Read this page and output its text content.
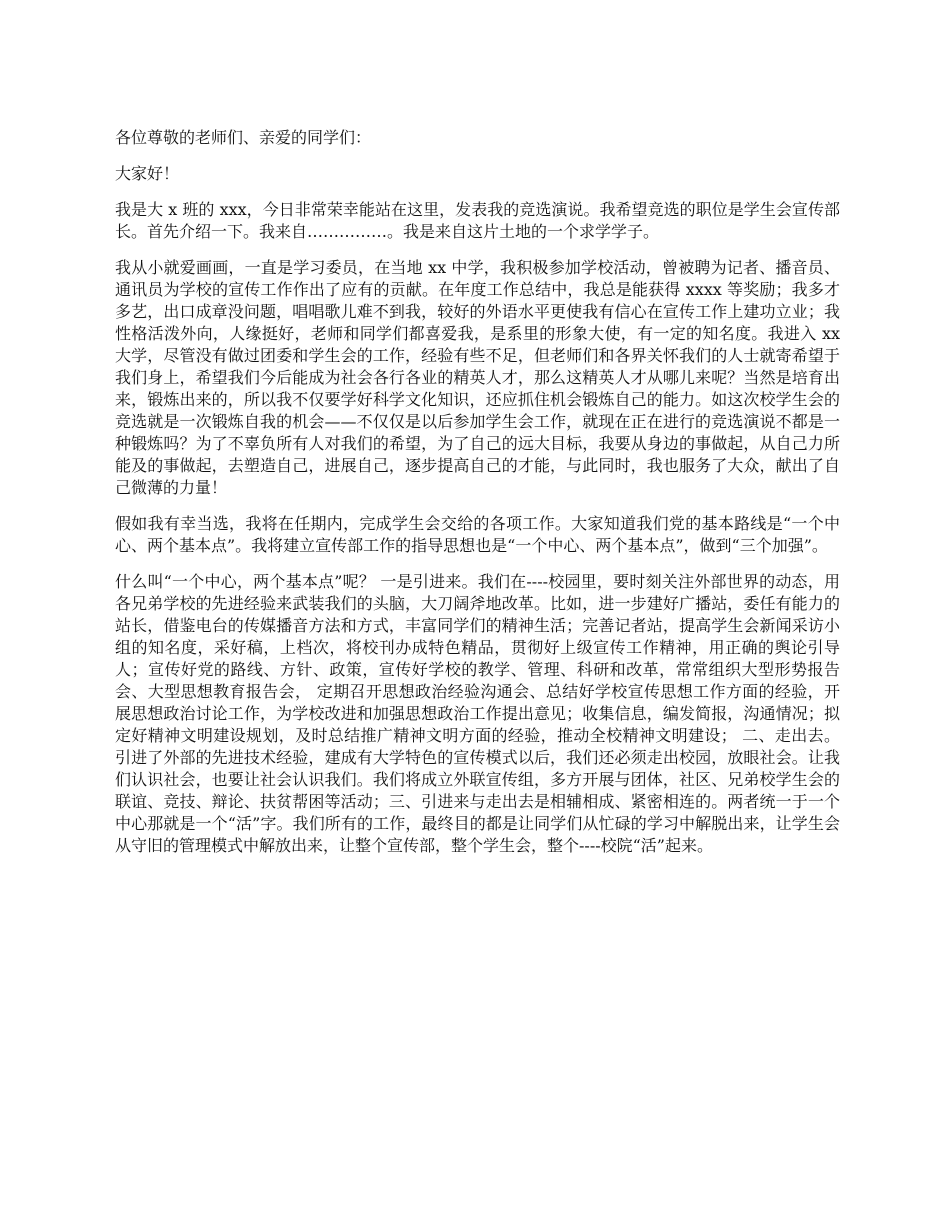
各位尊敬的老师们、亲爱的同学们：

大家好！

我是大 x 班的 xxx，今日非常荣幸能站在这里，发表我的竞选演说。我希望竞选的职位是学生会宣传部长。首先介绍一下。我来自……………。我是来自这片土地的一个求学学子。

我从小就爱画画，一直是学习委员，在当地 xx 中学，我积极参加学校活动，曾被聘为记者、播音员、通讯员为学校的宣传工作作出了应有的贡献。在年度工作总结中，我总是能获得 xxxx 等奖励；我多才多艺，出口成章没问题，唱唱歌儿难不到我，较好的外语水平更使我有信心在宣传工作上建功立业；我性格活泼外向，人缘挺好，老师和同学们都喜爱我，是系里的形象大使，有一定的知名度。我进入 xx 大学，尽管没有做过团委和学生会的工作，经验有些不足，但老师们和各界关怀我们的人士就寄希望于我们身上，希望我们今后能成为社会各行各业的精英人才，那么这精英人才从哪儿来呢？当然是培育出来，锻炼出来的，所以我不仅要学好科学文化知识，还应抓住机会锻炼自己的能力。如这次校学生会的竞选就是一次锻炼自我的机会——不仅仅是以后参加学生会工作，就现在正在进行的竞选演说不都是一种锻炼吗？为了不辜负所有人对我们的希望，为了自己的远大目标，我要从身边的事做起，从自己力所能及的事做起，去塑造自己，进展自己，逐步提高自己的才能，与此同时，我也服务了大众，献出了自己微薄的力量！

假如我有幸当选，我将在任期内，完成学生会交给的各项工作。大家知道我们党的基本路线是“一个中心、两个基本点”。我将建立宣传部工作的指导思想也是“一个中心、两个基本点”，做到“三个加强”。

什么叫“一个中心，两个基本点”呢？ 一是引进来。我们在----校园里，要时刻关注外部世界的动态，用各兄弟学校的先进经验来武装我们的头脑，大刀阔斧地改革。比如，进一步建好广播站，委任有能力的站长，借鉴电台的传媒播音方法和方式，丰富同学们的精神生活；完善记者站，提高学生会新闻采访小组的知名度，采好稿，上档次，将校刊办成特色精品，贯彻好上级宣传工作精神，用正确的舆论引导人；宣传好党的路线、方针、政策，宣传好学校的教学、管理、科研和改革，常常组织大型形势报告会、大型思想教育报告会， 定期召开思想政治经验沟通会、总结好学校宣传思想工作方面的经验，开展思想政治讨论工作，为学校改进和加强思想政治工作提出意见；收集信息，编发简报，沟通情况；拟定好精神文明建设规划，及时总结推广精神文明方面的经验，推动全校精神文明建设； 二、走出去。引进了外部的先进技术经验，建成有大学特色的宣传模式以后，我们还必须走出校园，放眼社会。让我们认识社会，也要让社会认识我们。我们将成立外联宣传组，多方开展与团体，社区、兄弟校学生会的联谊、竞技、辩论、扶贫帮困等活动；三、引进来与走出去是相辅相成、紧密相连的。两者统一于一个中心那就是一个“活”字。我们所有的工作，最终目的都是让同学们从忙碌的学习中解脱出来，让学生会从守旧的管理模式中解放出来，让整个宣传部，整个学生会，整个----校院“活”起来。
